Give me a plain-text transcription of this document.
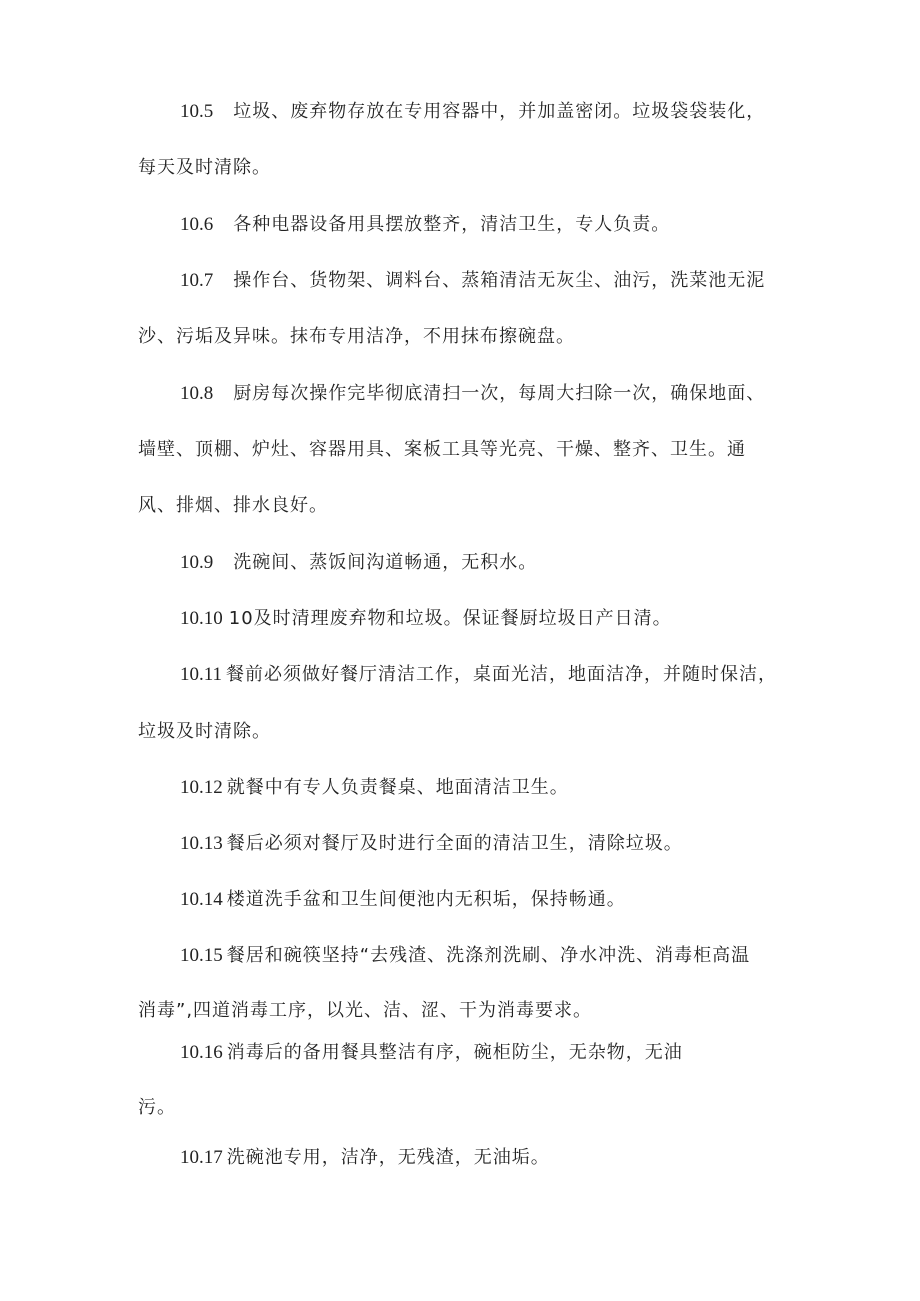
10.5 垃圾、废弃物存放在专用容器中，并加盖密闭。垃圾袋袋装化，
每天及时清除。
10.6 各种电器设备用具摆放整齐，清洁卫生，专人负责。
10.7 操作台、货物架、调料台、蒸箱清洁无灰尘、油污，洗菜池无泥
沙、污垢及异味。抹布专用洁净，不用抹布擦碗盘。
10.8 厨房每次操作完毕彻底清扫一次，每周大扫除一次，确保地面、
墙壁、顶棚、炉灶、容器用具、案板工具等光亮、干燥、整齐、卫生。通
风、排烟、排水良好。
10.9 洗碗间、蒸饭间沟道畅通，无积水。
10.10 10及时清理废弃物和垃圾。保证餐厨垃圾日产日清。
10.11 餐前必须做好餐厅清洁工作，桌面光洁，地面洁净，并随时保洁，
垃圾及时清除。
10.12 就餐中有专人负责餐桌、地面清洁卫生。
10.13 餐后必须对餐厅及时进行全面的清洁卫生，清除垃圾。
10.14 楼道洗手盆和卫生间便池内无积垢，保持畅通。
10.15 餐居和碗筷坚持“去残渣、洗涤剂洗刷、净水冲洗、消毒柜高温
消毒”,四道消毒工序，以光、洁、涩、干为消毒要求。
10.16 消毒后的备用餐具整洁有序，碗柜防尘，无杂物，无油
污。
10.17 洗碗池专用，洁净，无残渣，无油垢。
